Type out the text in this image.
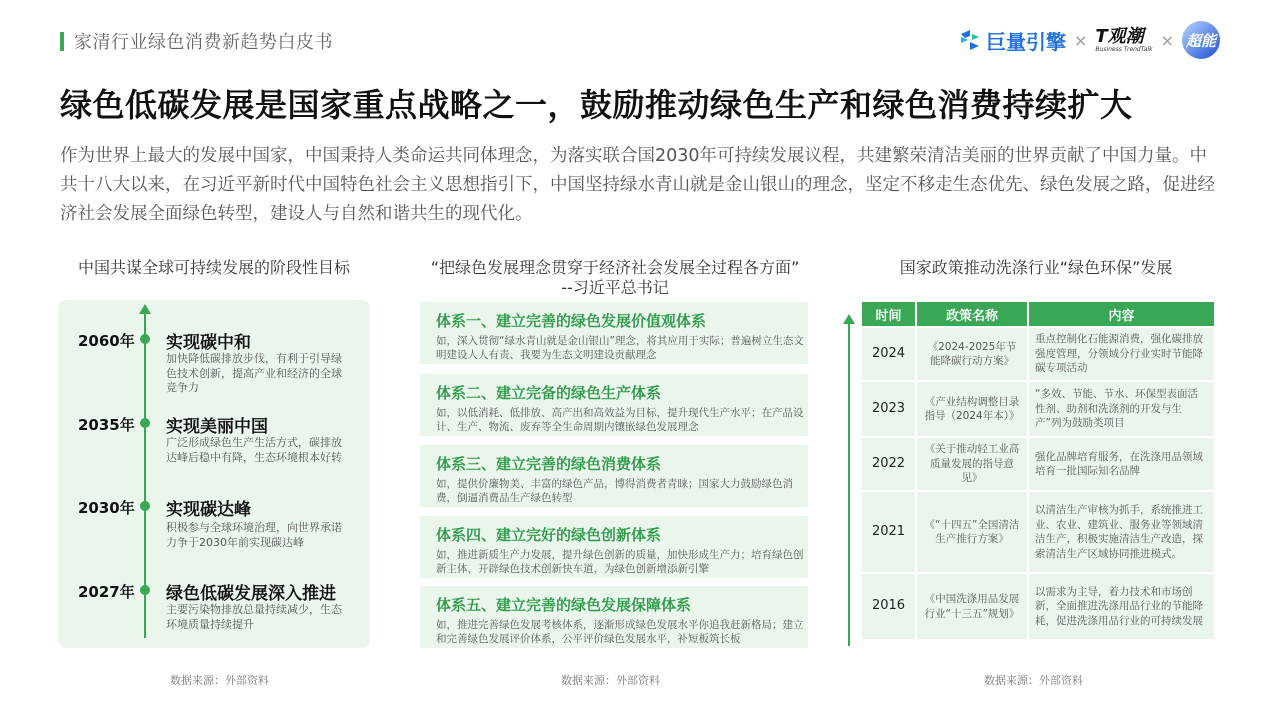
家清行业绿色消费新趋势白皮书	巨量引擎 × T观潮
Business TrendTalk × 超能
绿色低碳发展是国家重点战略之一，鼓励推动绿色生产和绿色消费持续扩大
作为世界上最大的发展中国家，中国秉持人类命运共同体理念，为落实联合国2030年可持续发展议程，共建繁荣清洁美丽的世界贡献了中国力量。中共十八大以来，在习近平新时代中国特色社会主义思想指引下，中国坚持绿水青山就是金山银山的理念，坚定不移走生态优先、绿色发展之路，促进经济社会发展全面绿色转型，建设人与自然和谐共生的现代化。
中国共谋全球可持续发展的阶段性目标	“把绿色发展理念贯穿于经济社会发展全过程各方面”
--习近平总书记
国家政策推动洗涤行业“绿色环保”发展
2060年 实现碳中和
加快降低碳排放步伐，有利于引导绿色技术创新，提高产业和经济的全球竞争力
2035年 实现美丽中国
广泛形成绿色生产生活方式，碳排放达峰后稳中有降，生态环境根本好转
2030年 实现碳达峰
积极参与全球环境治理，向世界承诺力争于2030年前实现碳达峰
2027年 绿色低碳发展深入推进
主要污染物排放总量持续减少，生态环境质量持续提升
体系一、建立完善的绿色发展价值观体系
如，深入贯彻“绿水青山就是金山银山”理念，将其应用于实际；普遍树立生态文明建设人人有责、我要为生态文明建设贡献理念
体系二、建立完备的绿色生产体系
如，以低消耗、低排放、高产出和高效益为目标，提升现代生产水平；在产品设计、生产、物流、废弃等全生命周期内镶嵌绿色发展理念
体系三、建立完善的绿色消费体系
如，提供价廉物美、丰富的绿色产品，博得消费者青睐；国家大力鼓励绿色消费，倒逼消费品生产绿色转型
体系四、建立完好的绿色创新体系
如，推进新质生产力发展，提升绿色创新的质量，加快形成生产力；培育绿色创新主体，开辟绿色技术创新快车道，为绿色创新增添新引擎
体系五、建立完善的绿色发展保障体系
如，推进完善绿色发展考核体系，逐渐形成绿色发展水平你追我赶新格局；建立和完善绿色发展评价体系，公平评价绿色发展水平，补短板筑长板
时间	政策名称	内容
2024	《2024-2025年节能降碳行动方案》	重点控制化石能源消费，强化碳排放强度管理，分领域分行业实时节能降碳专项活动
2023	《产业结构调整目录指导（2024年本）》	“多效、节能、节水、环保型表面活性剂、助剂和洗涤剂的开发与生产”列为鼓励类项目
2022	《关于推动轻工业高质量发展的指导意见》	强化品牌培育服务，在洗涤用品领域培育一批国际知名品牌
2021	《“十四五”全国清洁生产推行方案》	以清洁生产审核为抓手，系统推进工业、农业、建筑业、服务业等领域清洁生产，积极实施清洁生产改造，探索清洁生产区域协同推进模式。
2016	《中国洗涤用品发展行业“十三五”规划》	以需求为主导，着力技术和市场创新，全面推进洗涤用品行业的节能降耗，促进洗涤用品行业的可持续发展
数据来源：外部资料	数据来源：外部资料	数据来源：外部资料
